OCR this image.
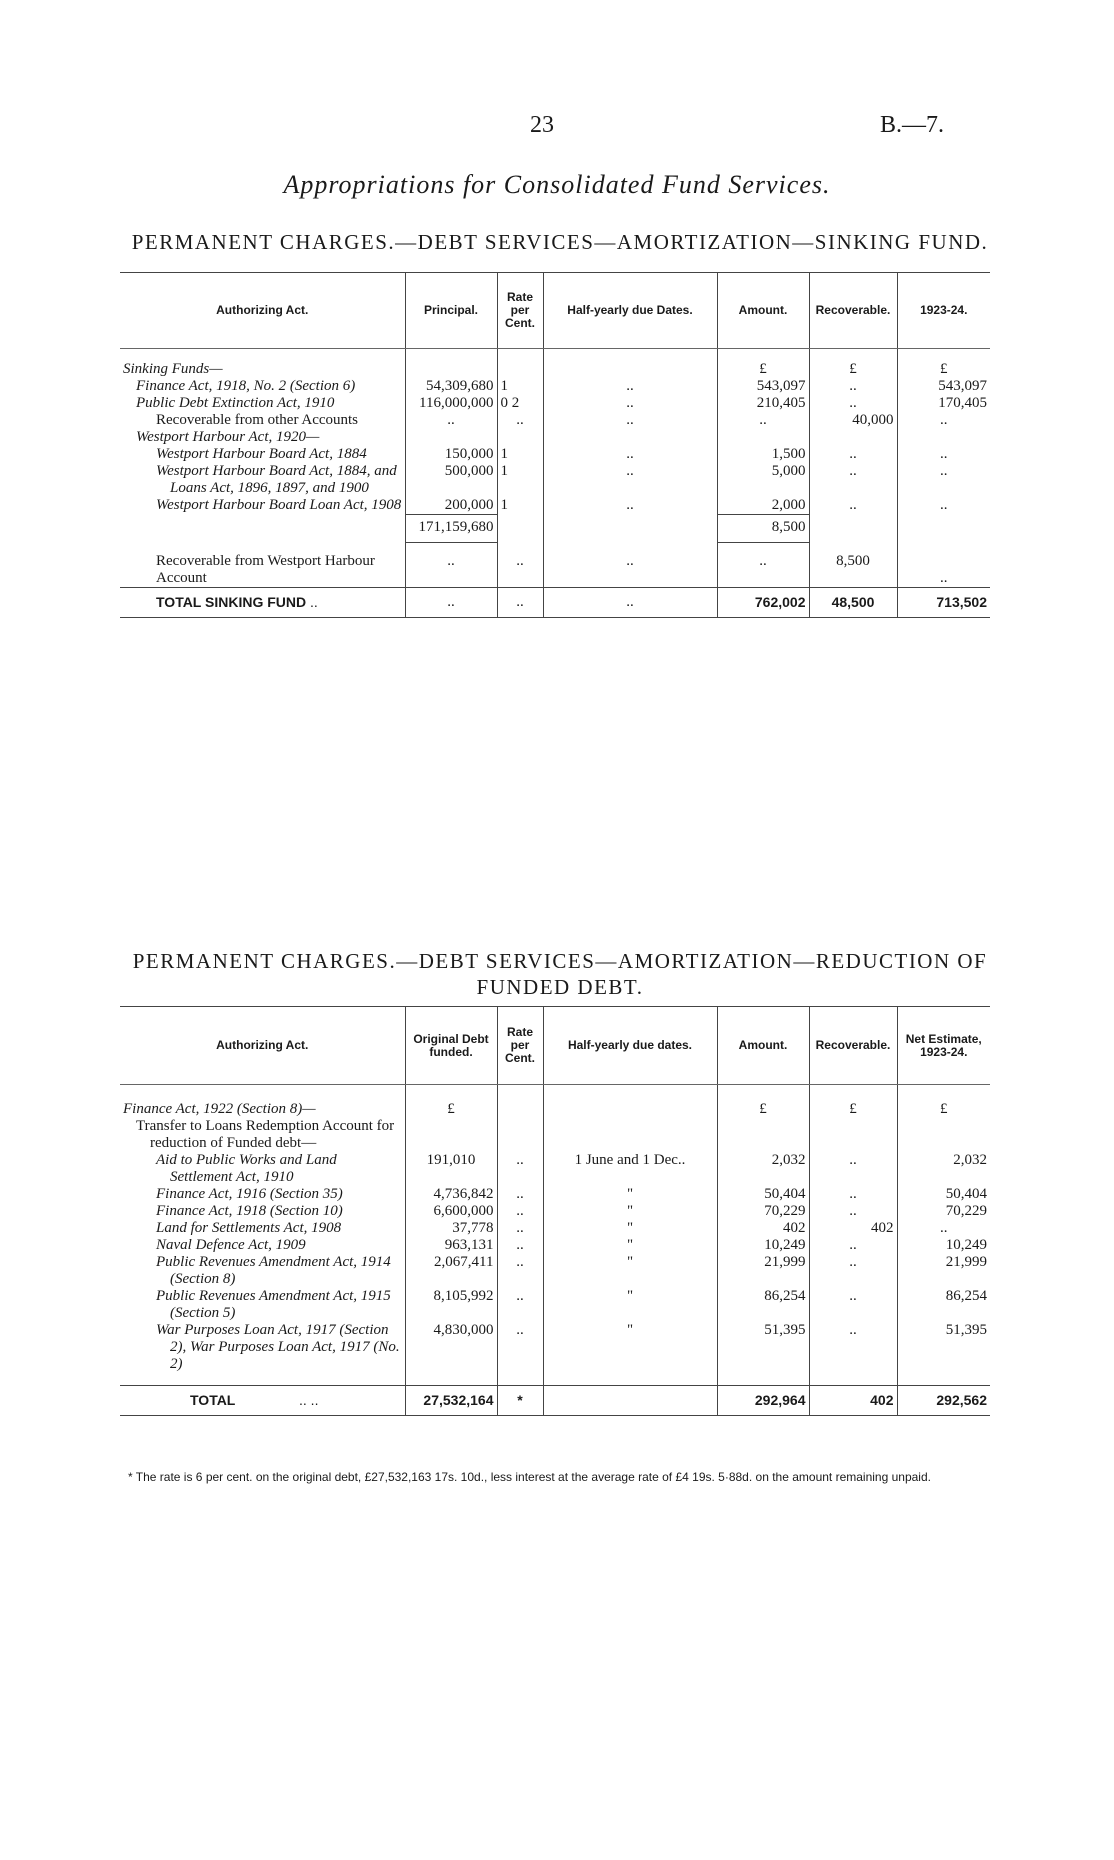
23	B.—7.
Appropriations for Consolidated Fund Services.
PERMANENT CHARGES.—DEBT SERVICES—AMORTIZATION—SINKING FUND.
Authorizing Act.	Principal.	Rate per Cent.	Half-yearly due Dates.	Amount.	Recoverable.	1923-24.

Sinking Funds—				£	£	£
Finance Act, 1918, No. 2 (Section 6)	54,309,680	1	..	543,097	..	543,097
Public Debt Extinction Act, 1910	116,000,000	0 2	..	210,405	..	170,405
Recoverable from other Accounts	..	..	..	..	40,000	..
Westport Harbour Act, 1920—						
Westport Harbour Board Act, 1884	150,000	1	..	1,500	..	..
Westport Harbour Board Act, 1884, and Loans Act, 1896, 1897, and 1900	500,000	1	..	5,000	..	..
Westport Harbour Board Loan Act, 1908	200,000	1	..	2,000	..	..
	171,159,680			8,500		

Recoverable from Westport Harbour Account	..	..	..	..	8,500	..
TOTAL SINKING FUND ..	..	..	..	762,002	48,500	713,502
PERMANENT CHARGES.—DEBT SERVICES—AMORTIZATION—REDUCTION OF FUNDED DEBT.
Authorizing Act.	Original Debt funded.	Rate per Cent.	Half-yearly due dates.	Amount.	Recoverable.	Net Estimate, 1923-24.

Finance Act, 1922 (Section 8)—	£			£	£	£
Transfer to Loans Redemption Account for reduction of Funded debt—						
Aid to Public Works and Land Settlement Act, 1910	191,010	..	1 June and 1 Dec..	2,032	..	2,032
Finance Act, 1916 (Section 35)	4,736,842	..	"	50,404	..	50,404
Finance Act, 1918 (Section 10)	6,600,000	..	"	70,229	..	70,229
Land for Settlements Act, 1908	37,778	..	"	402	402	..
Naval Defence Act, 1909	963,131	..	"	10,249	..	10,249
Public Revenues Amendment Act, 1914 (Section 8)	2,067,411	..	"	21,999	..	21,999
Public Revenues Amendment Act, 1915 (Section 5)	8,105,992	..	"	86,254	..	86,254
War Purposes Loan Act, 1917 (Section 2), War Purposes Loan Act, 1917 (No. 2)	4,830,000	..	"	51,395	..	51,395

TOTAL .. ..	27,532,164	*		292,964	402	292,562
* The rate is 6 per cent. on the original debt, £27,532,163 17s. 10d., less interest at the average rate of £4 19s. 5·88d. on the amount remaining unpaid.
